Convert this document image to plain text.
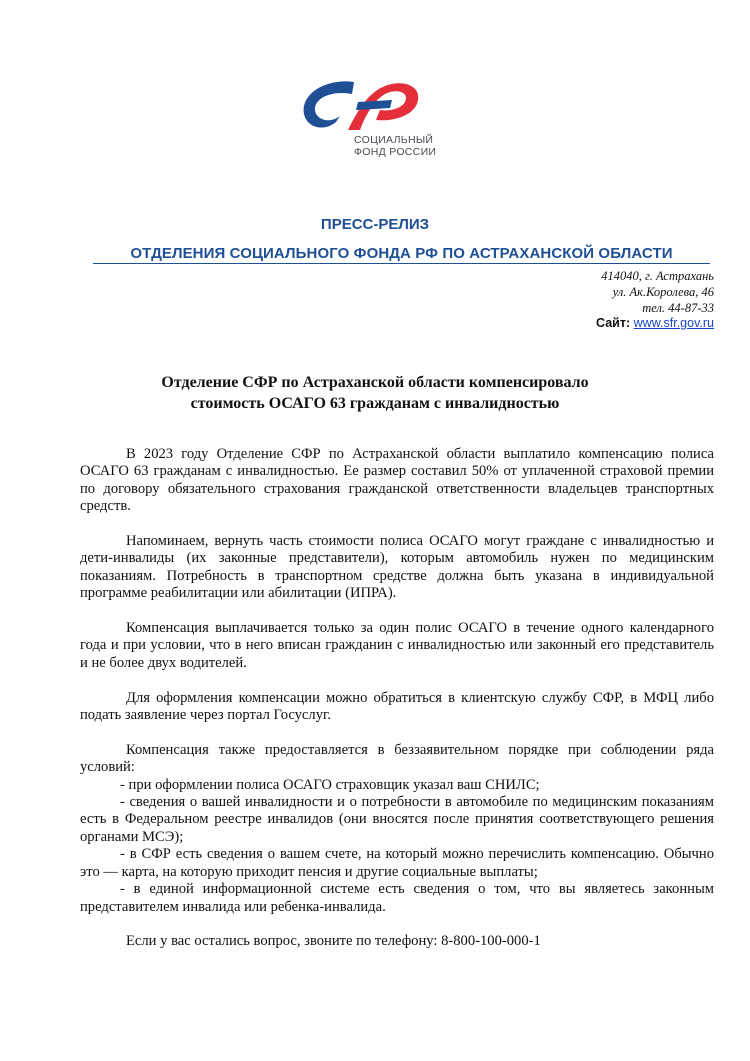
СОЦИАЛЬНЫЙ
ФОНД РОССИИ
ПРЕСС-РЕЛИЗ
ОТДЕЛЕНИЯ СОЦИАЛЬНОГО ФОНДА РФ ПО АСТРАХАНСКОЙ ОБЛАСТИ
414040, г. Астрахань
ул. Ак.Королева, 46
тел. 44-87-33
Сайт: www.sfr.gov.ru
Отделение СФР по Астраханской области компенсировало
стоимость ОСАГО 63 гражданам с инвалидностью

В 2023 году Отделение СФР по Астраханской области выплатило компенсацию полиса ОСАГО 63 гражданам с инвалидностью. Ее размер составил 50% от уплаченной страховой премии по договору обязательного страхования гражданской ответственности владельцев транспортных средств.

Напоминаем, вернуть часть стоимости полиса ОСАГО могут граждане с инвалидностью и дети-инвалиды (их законные представители), которым автомобиль нужен по медицинским показаниям. Потребность в транспортном средстве должна быть указана в индивидуальной программе реабилитации или абилитации (ИПРА).

Компенсация выплачивается только за один полис ОСАГО в течение одного календарного года и при условии, что в него вписан гражданин с инвалидностью или законный его представитель и не более двух водителей.

Для оформления компенсации можно обратиться в клиентскую службу СФР, в МФЦ либо подать заявление через портал Госуслуг.

Компенсация также предоставляется в беззаявительном порядке при соблюдении ряда условий:
- при оформлении полиса ОСАГО страховщик указал ваш СНИЛС;
- сведения о вашей инвалидности и о потребности в автомобиле по медицинским показаниям есть в Федеральном реестре инвалидов (они вносятся после принятия соответствующего решения органами МСЭ);
- в СФР есть сведения о вашем счете, на который можно перечислить компенсацию. Обычно это — карта, на которую приходит пенсия и другие социальные выплаты;
- в единой информационной системе есть сведения о том, что вы являетесь законным представителем инвалида или ребенка-инвалида.

Если у вас остались вопрос, звоните по телефону: 8-800-100-000-1
